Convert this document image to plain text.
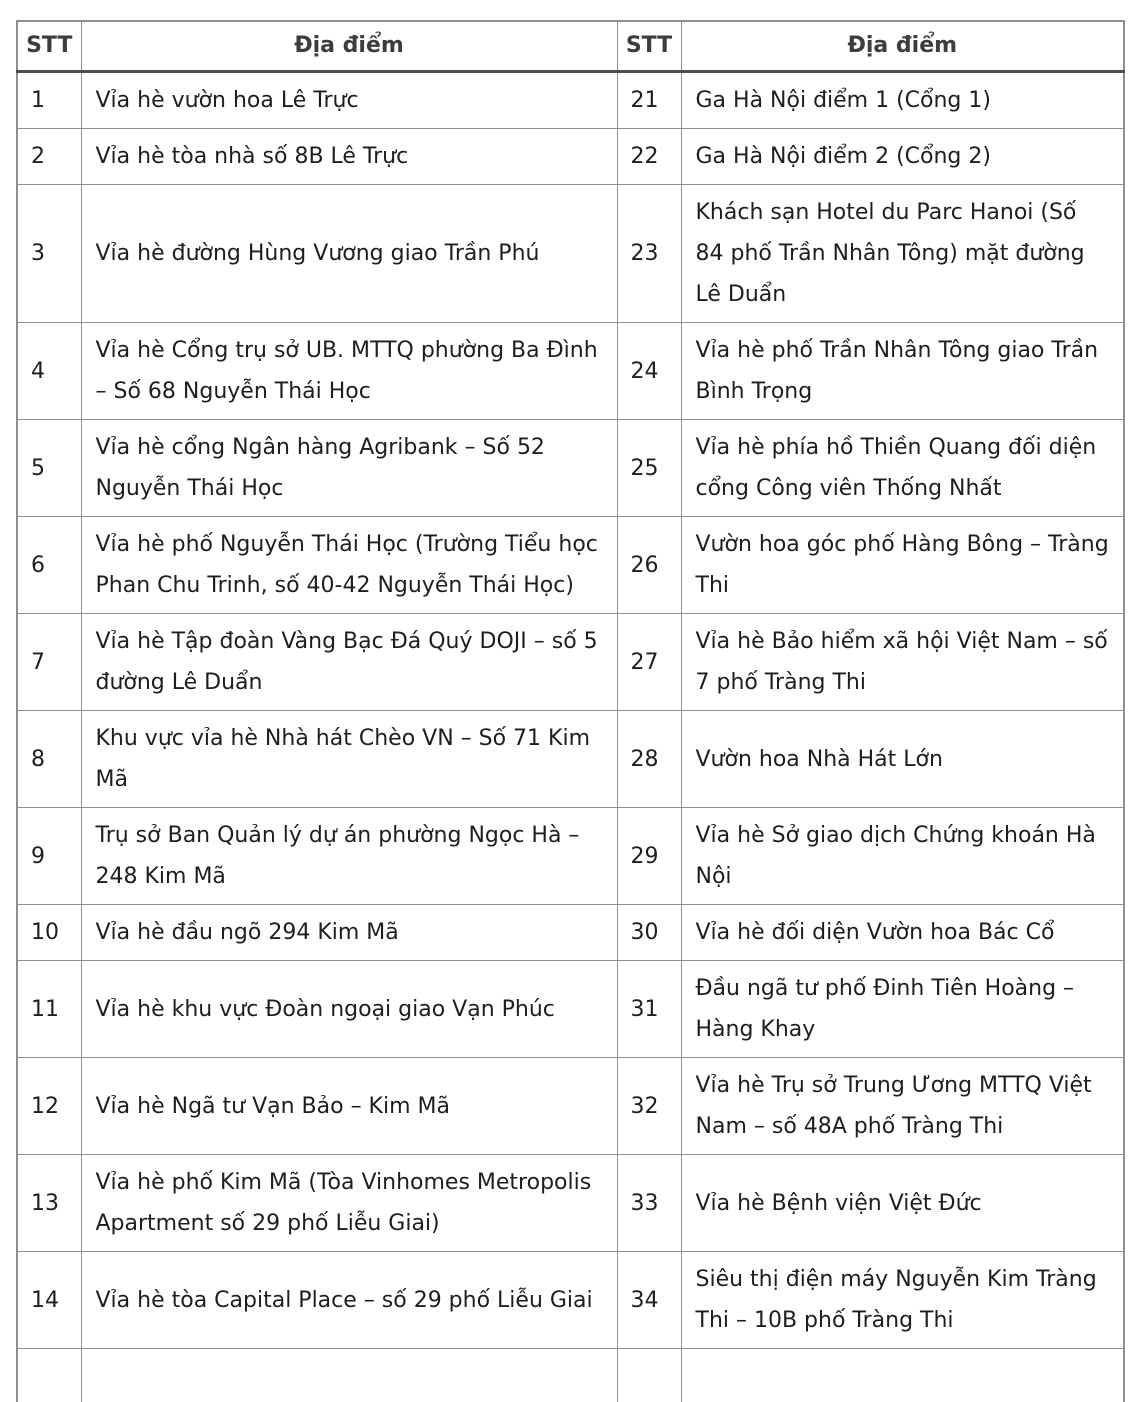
STT	Địa điểm	STT	Địa điểm
1	Vỉa hè vườn hoa Lê Trực	21	Ga Hà Nội điểm 1 (Cổng 1)
2	Vỉa hè tòa nhà số 8B Lê Trực	22	Ga Hà Nội điểm 2 (Cổng 2)
3	Vỉa hè đường Hùng Vương giao Trần Phú	23	Khách sạn Hotel du Parc Hanoi (Số 84 phố Trần Nhân Tông) mặt đường Lê Duẩn
4	Vỉa hè Cổng trụ sở UB. MTTQ phường Ba Đình – Số 68 Nguyễn Thái Học	24	Vỉa hè phố Trần Nhân Tông giao Trần Bình Trọng
5	Vỉa hè cổng Ngân hàng Agribank – Số 52 Nguyễn Thái Học	25	Vỉa hè phía hồ Thiền Quang đối diện cổng Công viên Thống Nhất
6	Vỉa hè phố Nguyễn Thái Học (Trường Tiểu học Phan Chu Trinh, số 40-42 Nguyễn Thái Học)	26	Vườn hoa góc phố Hàng Bông – Tràng Thi
7	Vỉa hè Tập đoàn Vàng Bạc Đá Quý DOJI – số 5 đường Lê Duẩn	27	Vỉa hè Bảo hiểm xã hội Việt Nam – số 7 phố Tràng Thi
8	Khu vực vỉa hè Nhà hát Chèo VN – Số 71 Kim Mã	28	Vườn hoa Nhà Hát Lớn
9	Trụ sở Ban Quản lý dự án phường Ngọc Hà – 248 Kim Mã	29	Vỉa hè Sở giao dịch Chứng khoán Hà Nội
10	Vỉa hè đầu ngõ 294 Kim Mã	30	Vỉa hè đối diện Vườn hoa Bác Cổ
11	Vỉa hè khu vực Đoàn ngoại giao Vạn Phúc	31	Đầu ngã tư phố Đinh Tiên Hoàng – Hàng Khay
12	Vỉa hè Ngã tư Vạn Bảo – Kim Mã	32	Vỉa hè Trụ sở Trung Ương MTTQ Việt Nam – số 48A phố Tràng Thi
13	Vỉa hè phố Kim Mã (Tòa Vinhomes Metropolis Apartment số 29 phố Liễu Giai)	33	Vỉa hè Bệnh viện Việt Đức
14	Vỉa hè tòa Capital Place – số 29 phố Liễu Giai	34	Siêu thị điện máy Nguyễn Kim Tràng Thi – 10B phố Tràng Thi
